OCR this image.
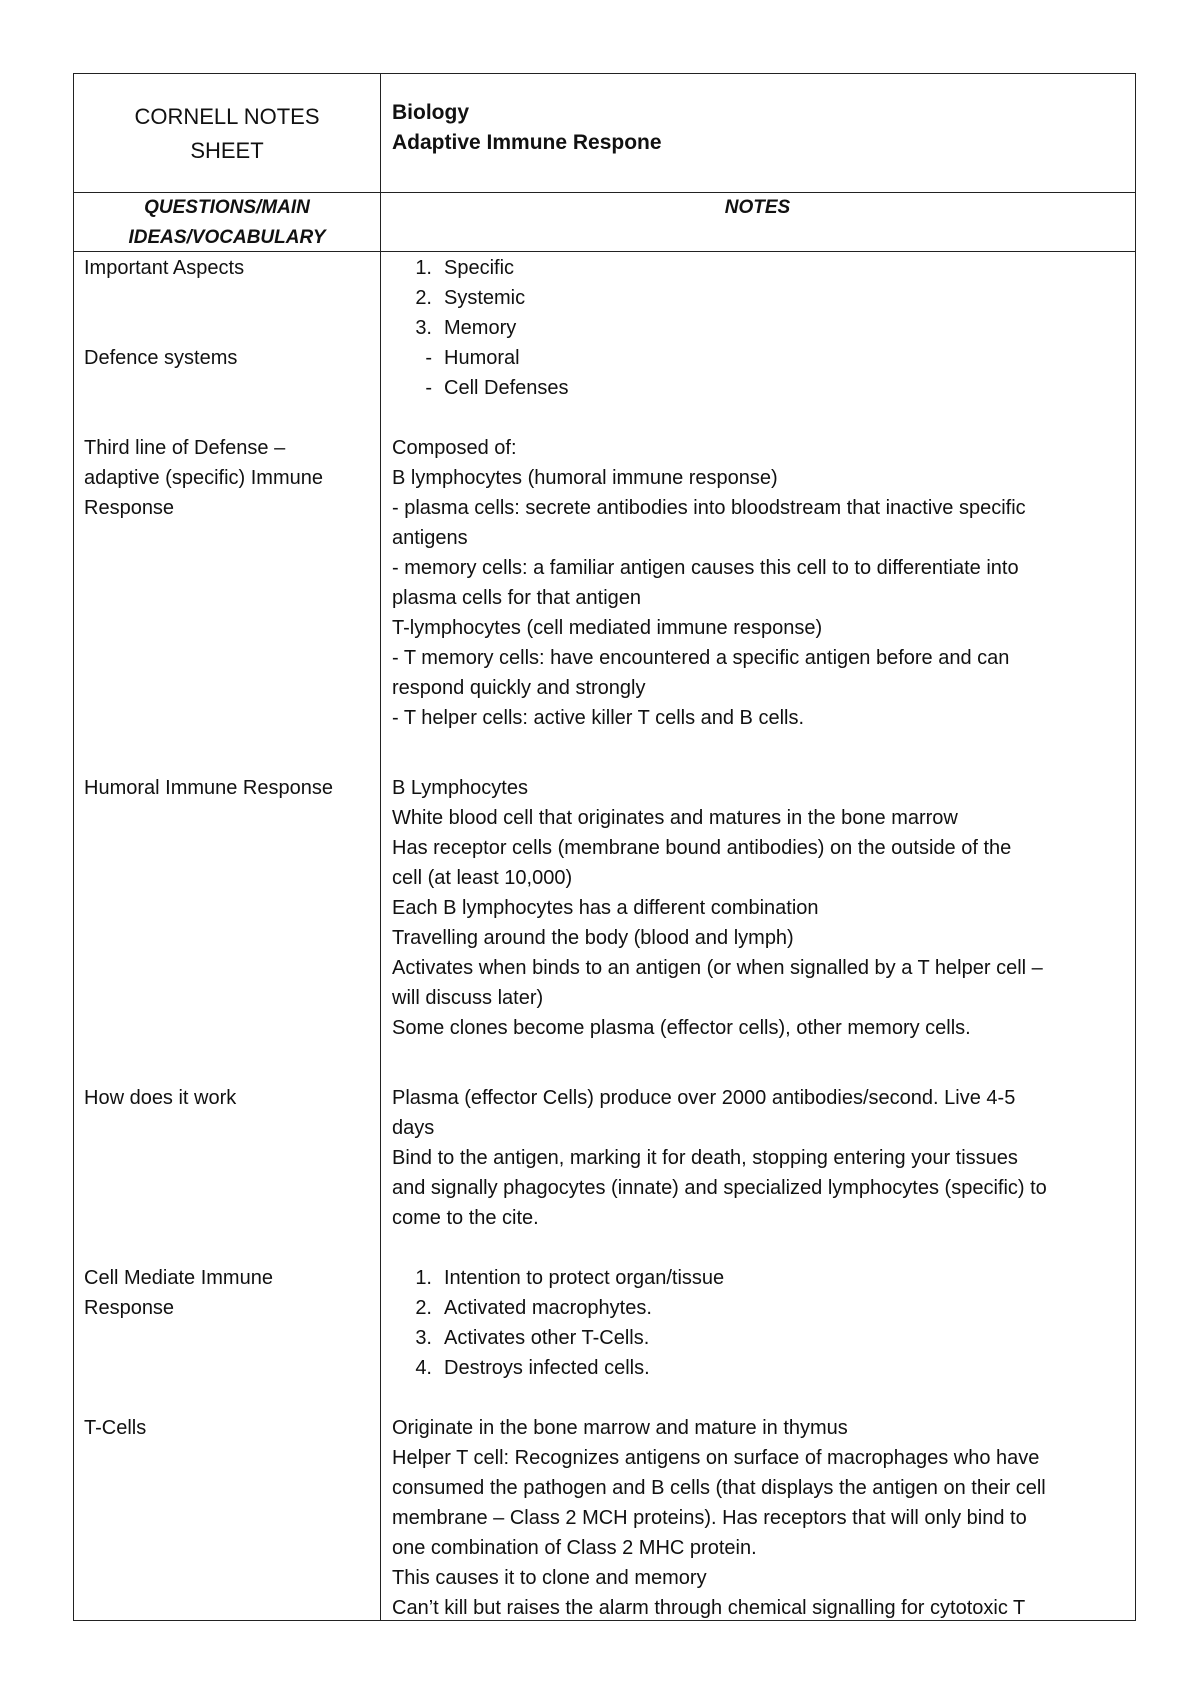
CORNELL NOTES
SHEET
Biology
Adaptive Immune Respone
QUESTIONS/MAIN
IDEAS/VOCABULARY
NOTES
Important Aspects
Defence systems
Third line of Defense –
adaptive (specific) Immune
Response
Humoral Immune Response
How does it work
Cell Mediate Immune
Response
T-Cells
1. Specific
2. Systemic
3. Memory
- Humoral
- Cell Defenses
Composed of:
B lymphocytes (humoral immune response)
- plasma cells: secrete antibodies into bloodstream that inactive specific
antigens
- memory cells: a familiar antigen causes this cell to to differentiate into
plasma cells for that antigen
T-lymphocytes (cell mediated immune response)
- T memory cells: have encountered a specific antigen before and can
respond quickly and strongly
- T helper cells: active killer T cells and B cells.
B Lymphocytes
White blood cell that originates and matures in the bone marrow
Has receptor cells (membrane bound antibodies) on the outside of the
cell (at least 10,000)
Each B lymphocytes has a different combination
Travelling around the body (blood and lymph)
Activates when binds to an antigen (or when signalled by a T helper cell –
will discuss later)
Some clones become plasma (effector cells), other memory cells.
Plasma (effector Cells) produce over 2000 antibodies/second. Live 4-5
days
Bind to the antigen, marking it for death, stopping entering your tissues
and signally phagocytes (innate) and specialized lymphocytes (specific) to
come to the cite.
1. Intention to protect organ/tissue
2. Activated macrophytes.
3. Activates other T-Cells.
4. Destroys infected cells.
Originate in the bone marrow and mature in thymus
Helper T cell: Recognizes antigens on surface of macrophages who have
consumed the pathogen and B cells (that displays the antigen on their cell
membrane – Class 2 MCH proteins). Has receptors that will only bind to
one combination of Class 2 MHC protein.
This causes it to clone and memory
Can’t kill but raises the alarm through chemical signalling for cytotoxic T
